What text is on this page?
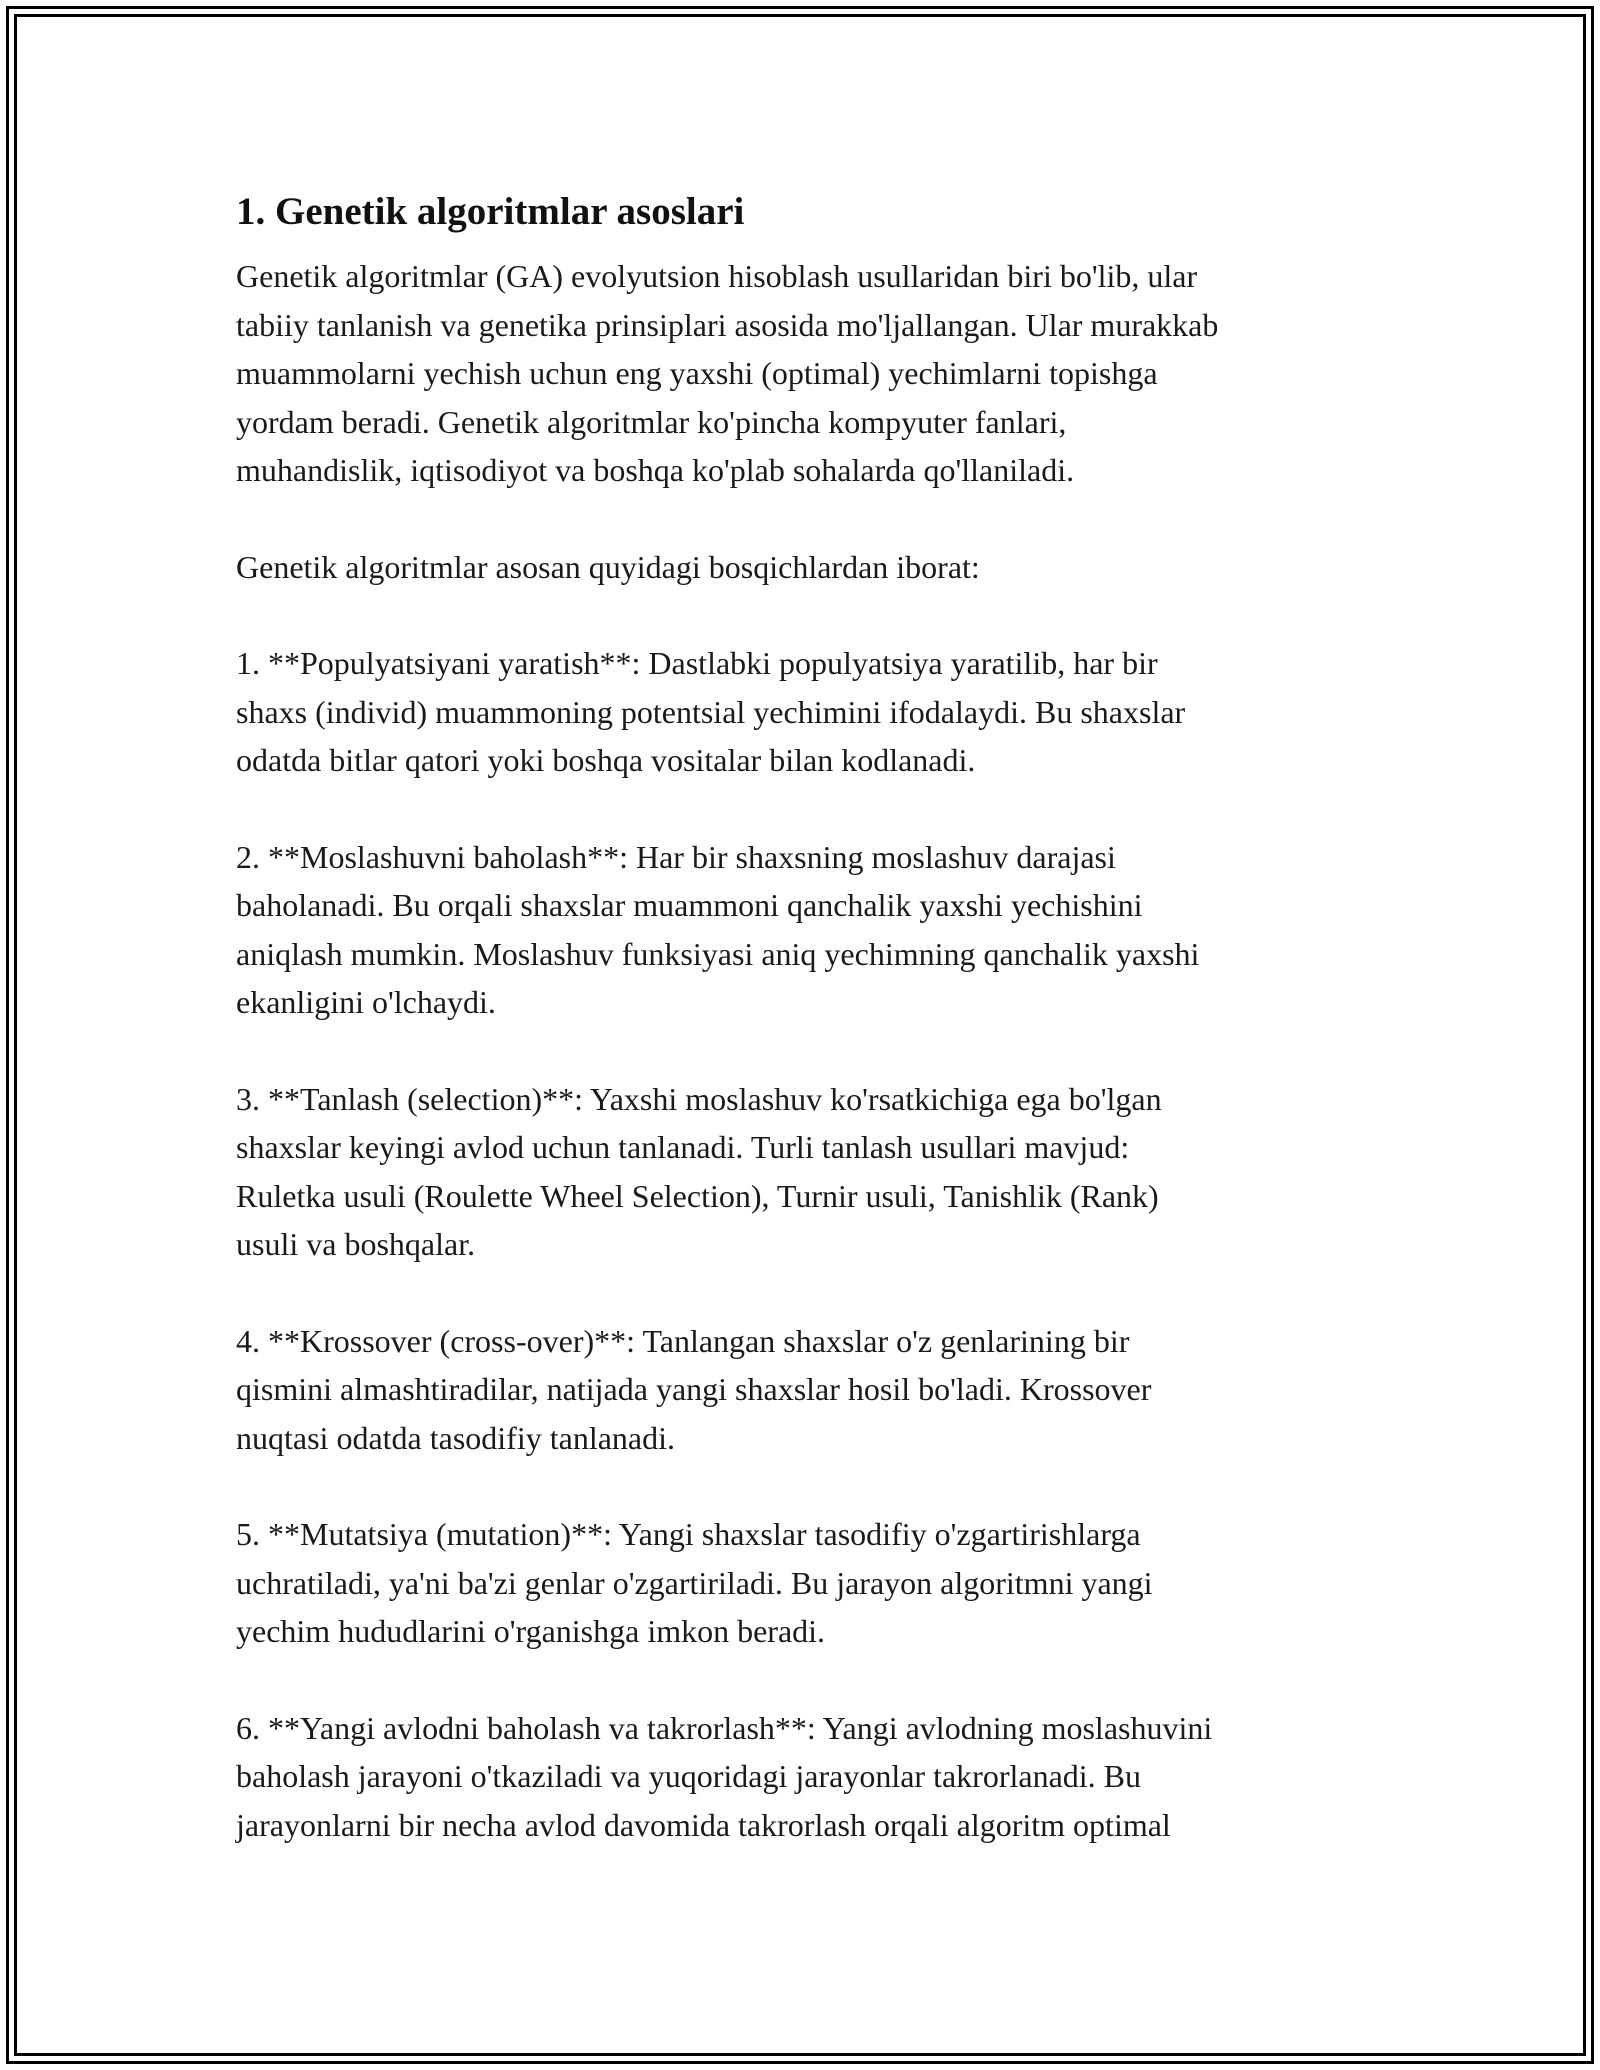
1. Genetik algoritmlar asoslari

Genetik algoritmlar (GA) evolyutsion hisoblash usullaridan biri bo'lib, ular
tabiiy tanlanish va genetika prinsiplari asosida mo'ljallangan. Ular murakkab
muammolarni yechish uchun eng yaxshi (optimal) yechimlarni topishga
yordam beradi. Genetik algoritmlar ko'pincha kompyuter fanlari,
muhandislik, iqtisodiyot va boshqa ko'plab sohalarda qo'llaniladi.

Genetik algoritmlar asosan quyidagi bosqichlardan iborat:

1. **Populyatsiyani yaratish**: Dastlabki populyatsiya yaratilib, har bir
shaxs (individ) muammoning potentsial yechimini ifodalaydi. Bu shaxslar
odatda bitlar qatori yoki boshqa vositalar bilan kodlanadi.

2. **Moslashuvni baholash**: Har bir shaxsning moslashuv darajasi
baholanadi. Bu orqali shaxslar muammoni qanchalik yaxshi yechishini
aniqlash mumkin. Moslashuv funksiyasi aniq yechimning qanchalik yaxshi
ekanligini o'lchaydi.

3. **Tanlash (selection)**: Yaxshi moslashuv ko'rsatkichiga ega bo'lgan
shaxslar keyingi avlod uchun tanlanadi. Turli tanlash usullari mavjud:
Ruletka usuli (Roulette Wheel Selection), Turnir usuli, Tanishlik (Rank)
usuli va boshqalar.

4. **Krossover (cross-over)**: Tanlangan shaxslar o'z genlarining bir
qismini almashtiradilar, natijada yangi shaxslar hosil bo'ladi. Krossover
nuqtasi odatda tasodifiy tanlanadi.

5. **Mutatsiya (mutation)**: Yangi shaxslar tasodifiy o'zgartirishlarga
uchratiladi, ya'ni ba'zi genlar o'zgartiriladi. Bu jarayon algoritmni yangi
yechim hududlarini o'rganishga imkon beradi.

6. **Yangi avlodni baholash va takrorlash**: Yangi avlodning moslashuvini
baholash jarayoni o'tkaziladi va yuqoridagi jarayonlar takrorlanadi. Bu
jarayonlarni bir necha avlod davomida takrorlash orqali algoritm optimal
